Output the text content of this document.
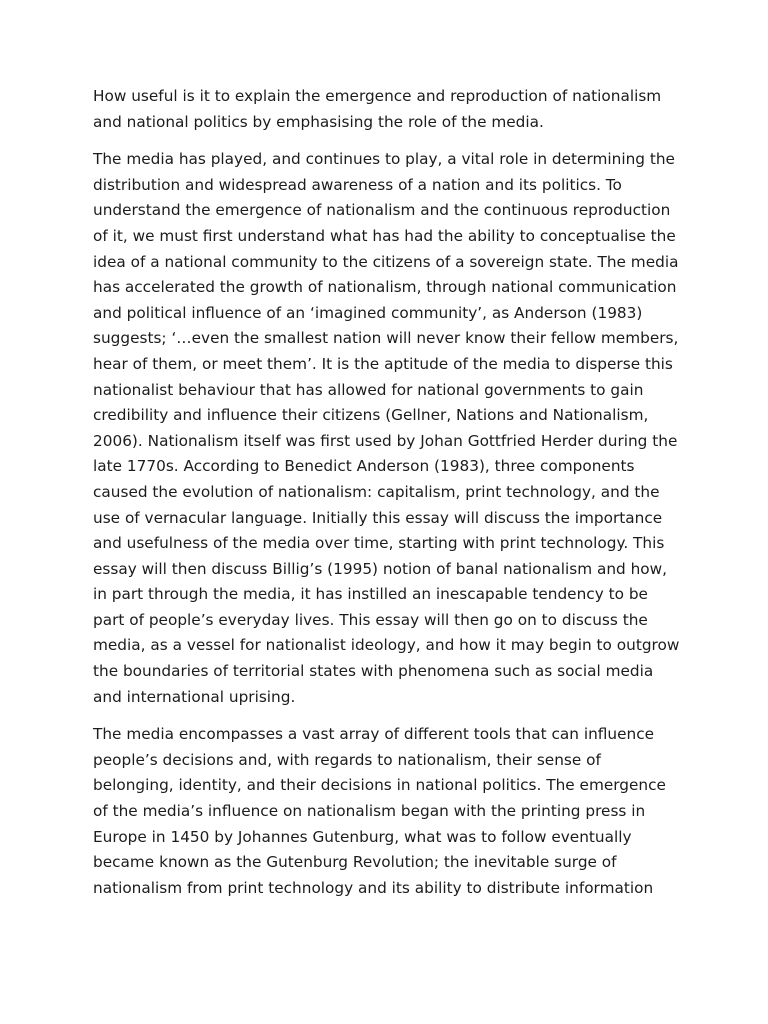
How useful is it to explain the emergence and reproduction of nationalism and national politics by emphasising the role of the media.

The media has played, and continues to play, a vital role in determining the distribution and widespread awareness of a nation and its politics. To understand the emergence of nationalism and the continuous reproduction of it, we must first understand what has had the ability to conceptualise the idea of a national community to the citizens of a sovereign state. The media has accelerated the growth of nationalism, through national communication and political influence of an ‘imagined community’, as Anderson (1983) suggests; ‘…even the smallest nation will never know their fellow members, hear of them, or meet them’. It is the aptitude of the media to disperse this nationalist behaviour that has allowed for national governments to gain credibility and influence their citizens (Gellner, Nations and Nationalism, 2006). Nationalism itself was first used by Johan Gottfried Herder during the late 1770s. According to Benedict Anderson (1983), three components caused the evolution of nationalism: capitalism, print technology, and the use of vernacular language. Initially this essay will discuss the importance and usefulness of the media over time, starting with print technology. This essay will then discuss Billig’s (1995) notion of banal nationalism and how, in part through the media, it has instilled an inescapable tendency to be part of people’s everyday lives. This essay will then go on to discuss the media, as a vessel for nationalist ideology, and how it may begin to outgrow the boundaries of territorial states with phenomena such as social media and international uprising.

The media encompasses a vast array of different tools that can influence people’s decisions and, with regards to nationalism, their sense of belonging, identity, and their decisions in national politics. The emergence of the media’s influence on nationalism began with the printing press in Europe in 1450 by Johannes Gutenburg, what was to follow eventually became known as the Gutenburg Revolution; the inevitable surge of nationalism from print technology and its ability to distribute information
